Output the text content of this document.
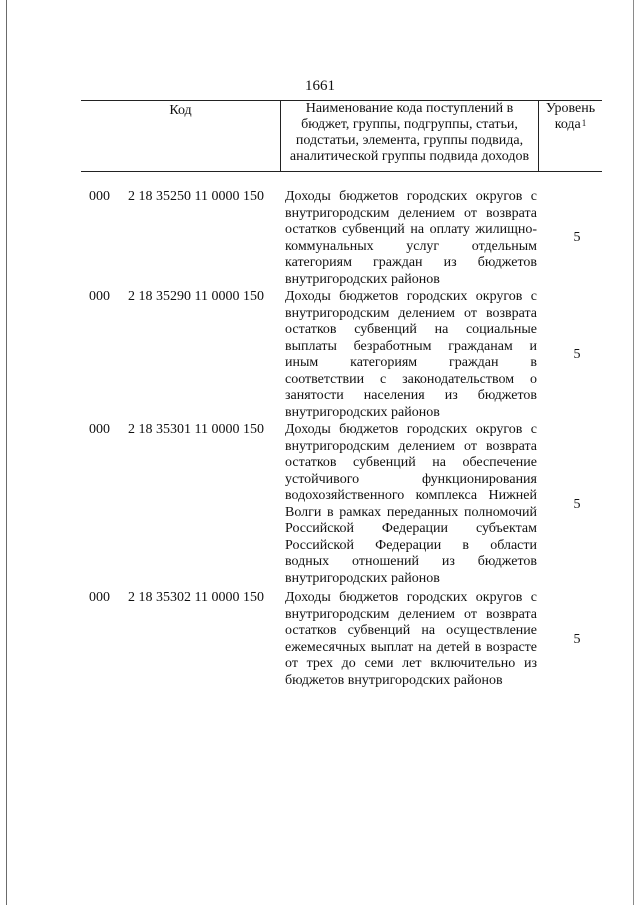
1661
Код	Наименование кода поступлений в
бюджет, группы, подгруппы, статьи,
подстатьи, элемента, группы подвида,
аналитической группы подвида доходов
Уровень
кода$^1$
000 2 18 35250 11 0000 150 Доходы бюджетов городских округов с
внутригородским делением от возврата
остатков субвенций на оплату жилищно-
коммунальных услуг отдельным
категориям граждан из бюджетов
внутригородских районов
5
000 2 18 35290 11 0000 150 Доходы бюджетов городских округов с
внутригородским делением от возврата
остатков субвенций на социальные
выплаты безработным гражданам и
иным категориям граждан в
соответствии с законодательством о
занятости населения из бюджетов
внутригородских районов
5
000 2 18 35301 11 0000 150 Доходы бюджетов городских округов с
внутригородским делением от возврата
остатков субвенций на обеспечение
устойчивого функционирования
водохозяйственного комплекса Нижней
Волги в рамках переданных полномочий
Российской Федерации субъектам
Российской Федерации в области
водных отношений из бюджетов
внутригородских районов
5
000 2 18 35302 11 0000 150 Доходы бюджетов городских округов с
внутригородским делением от возврата
остатков субвенций на осуществление
ежемесячных выплат на детей в возрасте
от трех до семи лет включительно из
бюджетов внутригородских районов
5
